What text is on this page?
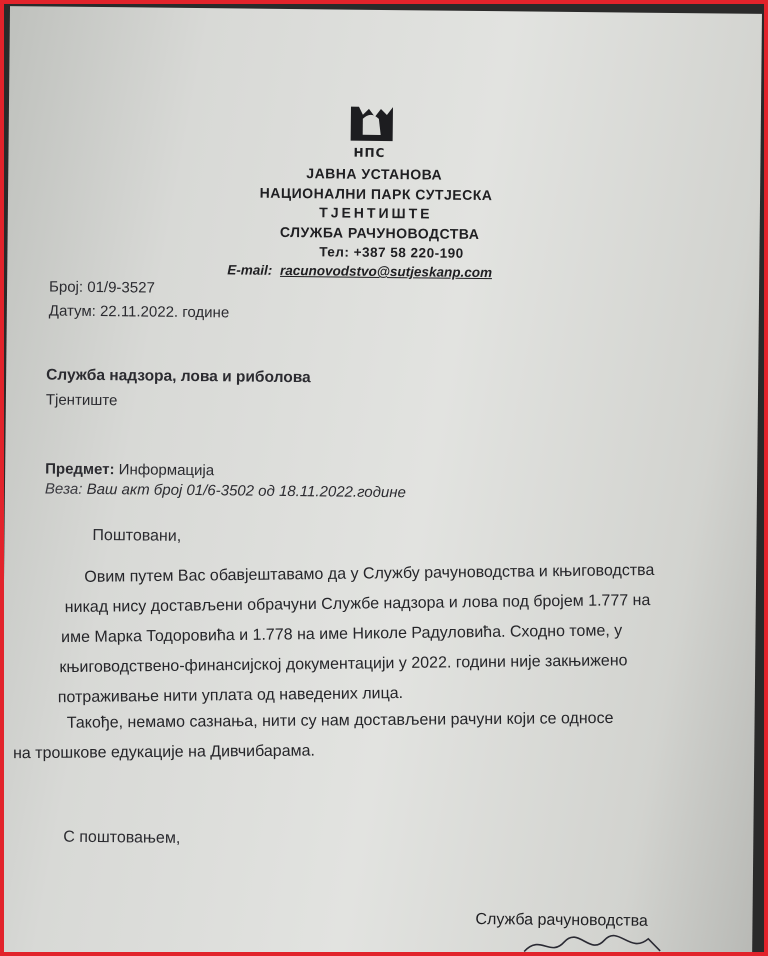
НПС
ЈАВНА УСТАНОВА
НАЦИОНАЛНИ ПАРК СУТЈЕСКА
ТЈЕНТИШТЕ
СЛУЖБА РАЧУНОВОДСТВА
Тел: +387 58 220-190
E-mail: racunovodstvo@sutjeskanp.com
Број: 01/9-3527
Датум: 22.11.2022. године
Служба надзора, лова и риболова
Тјентиште
Предмет: Информација
Веза: Ваш акт број 01/6-3502 од 18.11.2022.године
Поштовани,
Овим путем Вас обавјештавамо да у Службу рачуноводства и књиговодства
никад нису достављени обрачуни Службе надзора и лова под бројем 1.777 на
име Марка Тодоровића и 1.778 на име Николе Радуловића. Сходно томе, у
књиговодствено-финансијској документацији у 2022. години није закњижено
потраживање нити уплата од наведених лица.
Такође, немамо сазнања, нити су нам достављени рачуни који се односе
на трошкове едукације на Дивчибарама.
С поштовањем,
Служба рачуноводства
